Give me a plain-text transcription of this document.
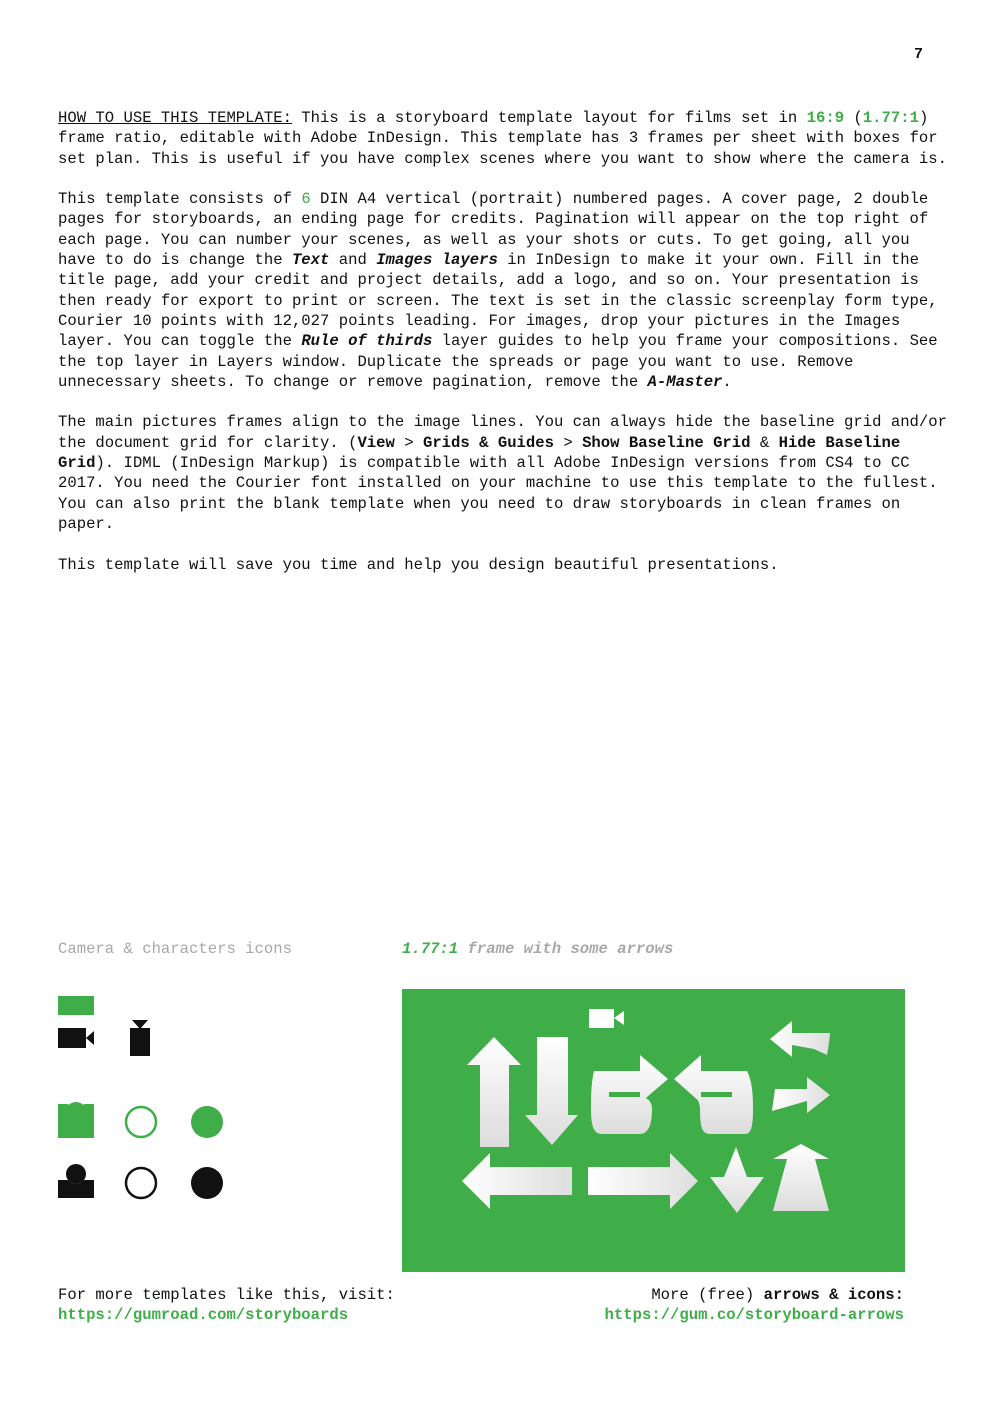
7

HOW TO USE THIS TEMPLATE: This is a storyboard template layout for films set in 16:9 (1.77:1) frame ratio, editable with Adobe InDesign. This template has 3 frames per sheet with boxes for set plan. This is useful if you have complex scenes where you want to show where the camera is.

This template consists of 6 DIN A4 vertical (portrait) numbered pages. A cover page, 2 double pages for storyboards, an ending page for credits. Pagination will appear on the top right of each page. You can number your scenes, as well as your shots or cuts. To get going, all you have to do is change the Text and Images layers in InDesign to make it your own. Fill in the title page, add your credit and project details, add a logo, and so on. Your presentation is then ready for export to print or screen. The text is set in the classic screenplay form type, Courier 10 points with 12,027 points leading. For images, drop your pictures in the Images layer. You can toggle the Rule of thirds layer guides to help you frame your compositions. See the top layer in Layers window. Duplicate the spreads or page you want to use. Remove unnecessary sheets. To change or remove pagination, remove the A-Master.

The main pictures frames align to the image lines. You can always hide the baseline grid and/or the document grid for clarity. (View > Grids & Guides > Show Baseline Grid & Hide Baseline Grid). IDML (InDesign Markup) is compatible with all Adobe InDesign versions from CS4 to CC 2017. You need the Courier font installed on your machine to use this template to the fullest. You can also print the blank template when you need to draw storyboards in clean frames on paper.

This template will save you time and help you design beautiful presentations.

Camera & characters icons	1.77:1 frame with some arrows
For more templates like this, visit:
https://gumroad.com/storyboards
More (free) arrows & icons:
https://gum.co/storyboard-arrows
